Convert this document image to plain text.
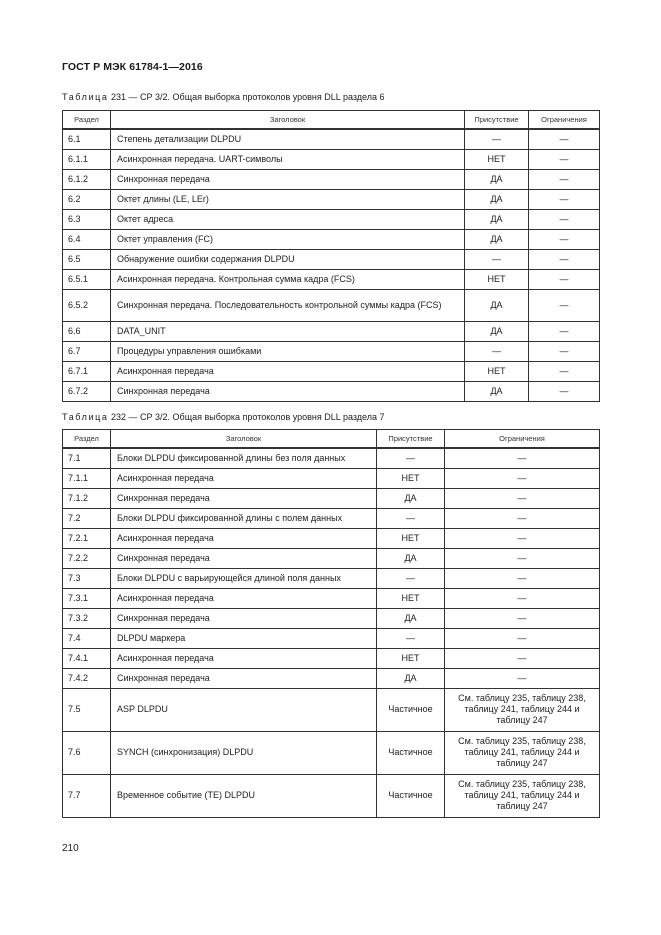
ГОСТ Р МЭК 61784-1—2016
Таблица 231 — СР 3/2. Общая выборка протоколов уровня DLL раздела 6
Раздел	Заголовок	Присутствие	Ограничения
6.1	Степень детализации DLPDU	—	—
6.1.1	Асинхронная передача. UART-символы	НЕТ	—
6.1.2	Синхронная передача	ДА	—
6.2	Октет длины (LE, LEr)	ДА	—
6.3	Октет адреса	ДА	—
6.4	Октет управления (FC)	ДА	—
6.5	Обнаружение ошибки содержания DLPDU	—	—
6.5.1	Асинхронная передача. Контрольная сумма кадра (FCS)	НЕТ	—
6.5.2	Синхронная передача. Последовательность контрольной суммы кадра (FCS)	ДА	—
6.6	DATA_UNIT	ДА	—
6.7	Процедуры управления ошибками	—	—
6.7.1	Асинхронная передача	НЕТ	—
6.7.2	Синхронная передача	ДА	—
Таблица 232 — СР 3/2. Общая выборка протоколов уровня DLL раздела 7
Раздел	Заголовок	Присутствие	Ограничения
7.1	Блоки DLPDU фиксированной длины без поля данных	—	—
7.1.1	Асинхронная передача	НЕТ	—
7.1.2	Синхронная передача	ДА	—
7.2	Блоки DLPDU фиксированной длины с полем данных	—	—
7.2.1	Асинхронная передача	НЕТ	—
7.2.2	Синхронная передача	ДА	—
7.3	Блоки DLPDU с варьирующейся длиной поля данных	—	—
7.3.1	Асинхронная передача	НЕТ	—
7.3.2	Синхронная передача	ДА	—
7.4	DLPDU маркера	—	—
7.4.1	Асинхронная передача	НЕТ	—
7.4.2	Синхронная передача	ДА	—
7.5	ASP DLPDU	Частичное	См. таблицу 235, таблицу 238, таблицу 241, таблицу 244 и таблицу 247
7.6	SYNCH (синхронизация) DLPDU	Частичное	См. таблицу 235, таблицу 238, таблицу 241, таблицу 244 и таблицу 247
7.7	Временное событие (ТЕ) DLPDU	Частичное	См. таблицу 235, таблицу 238, таблицу 241, таблицу 244 и таблицу 247
210
